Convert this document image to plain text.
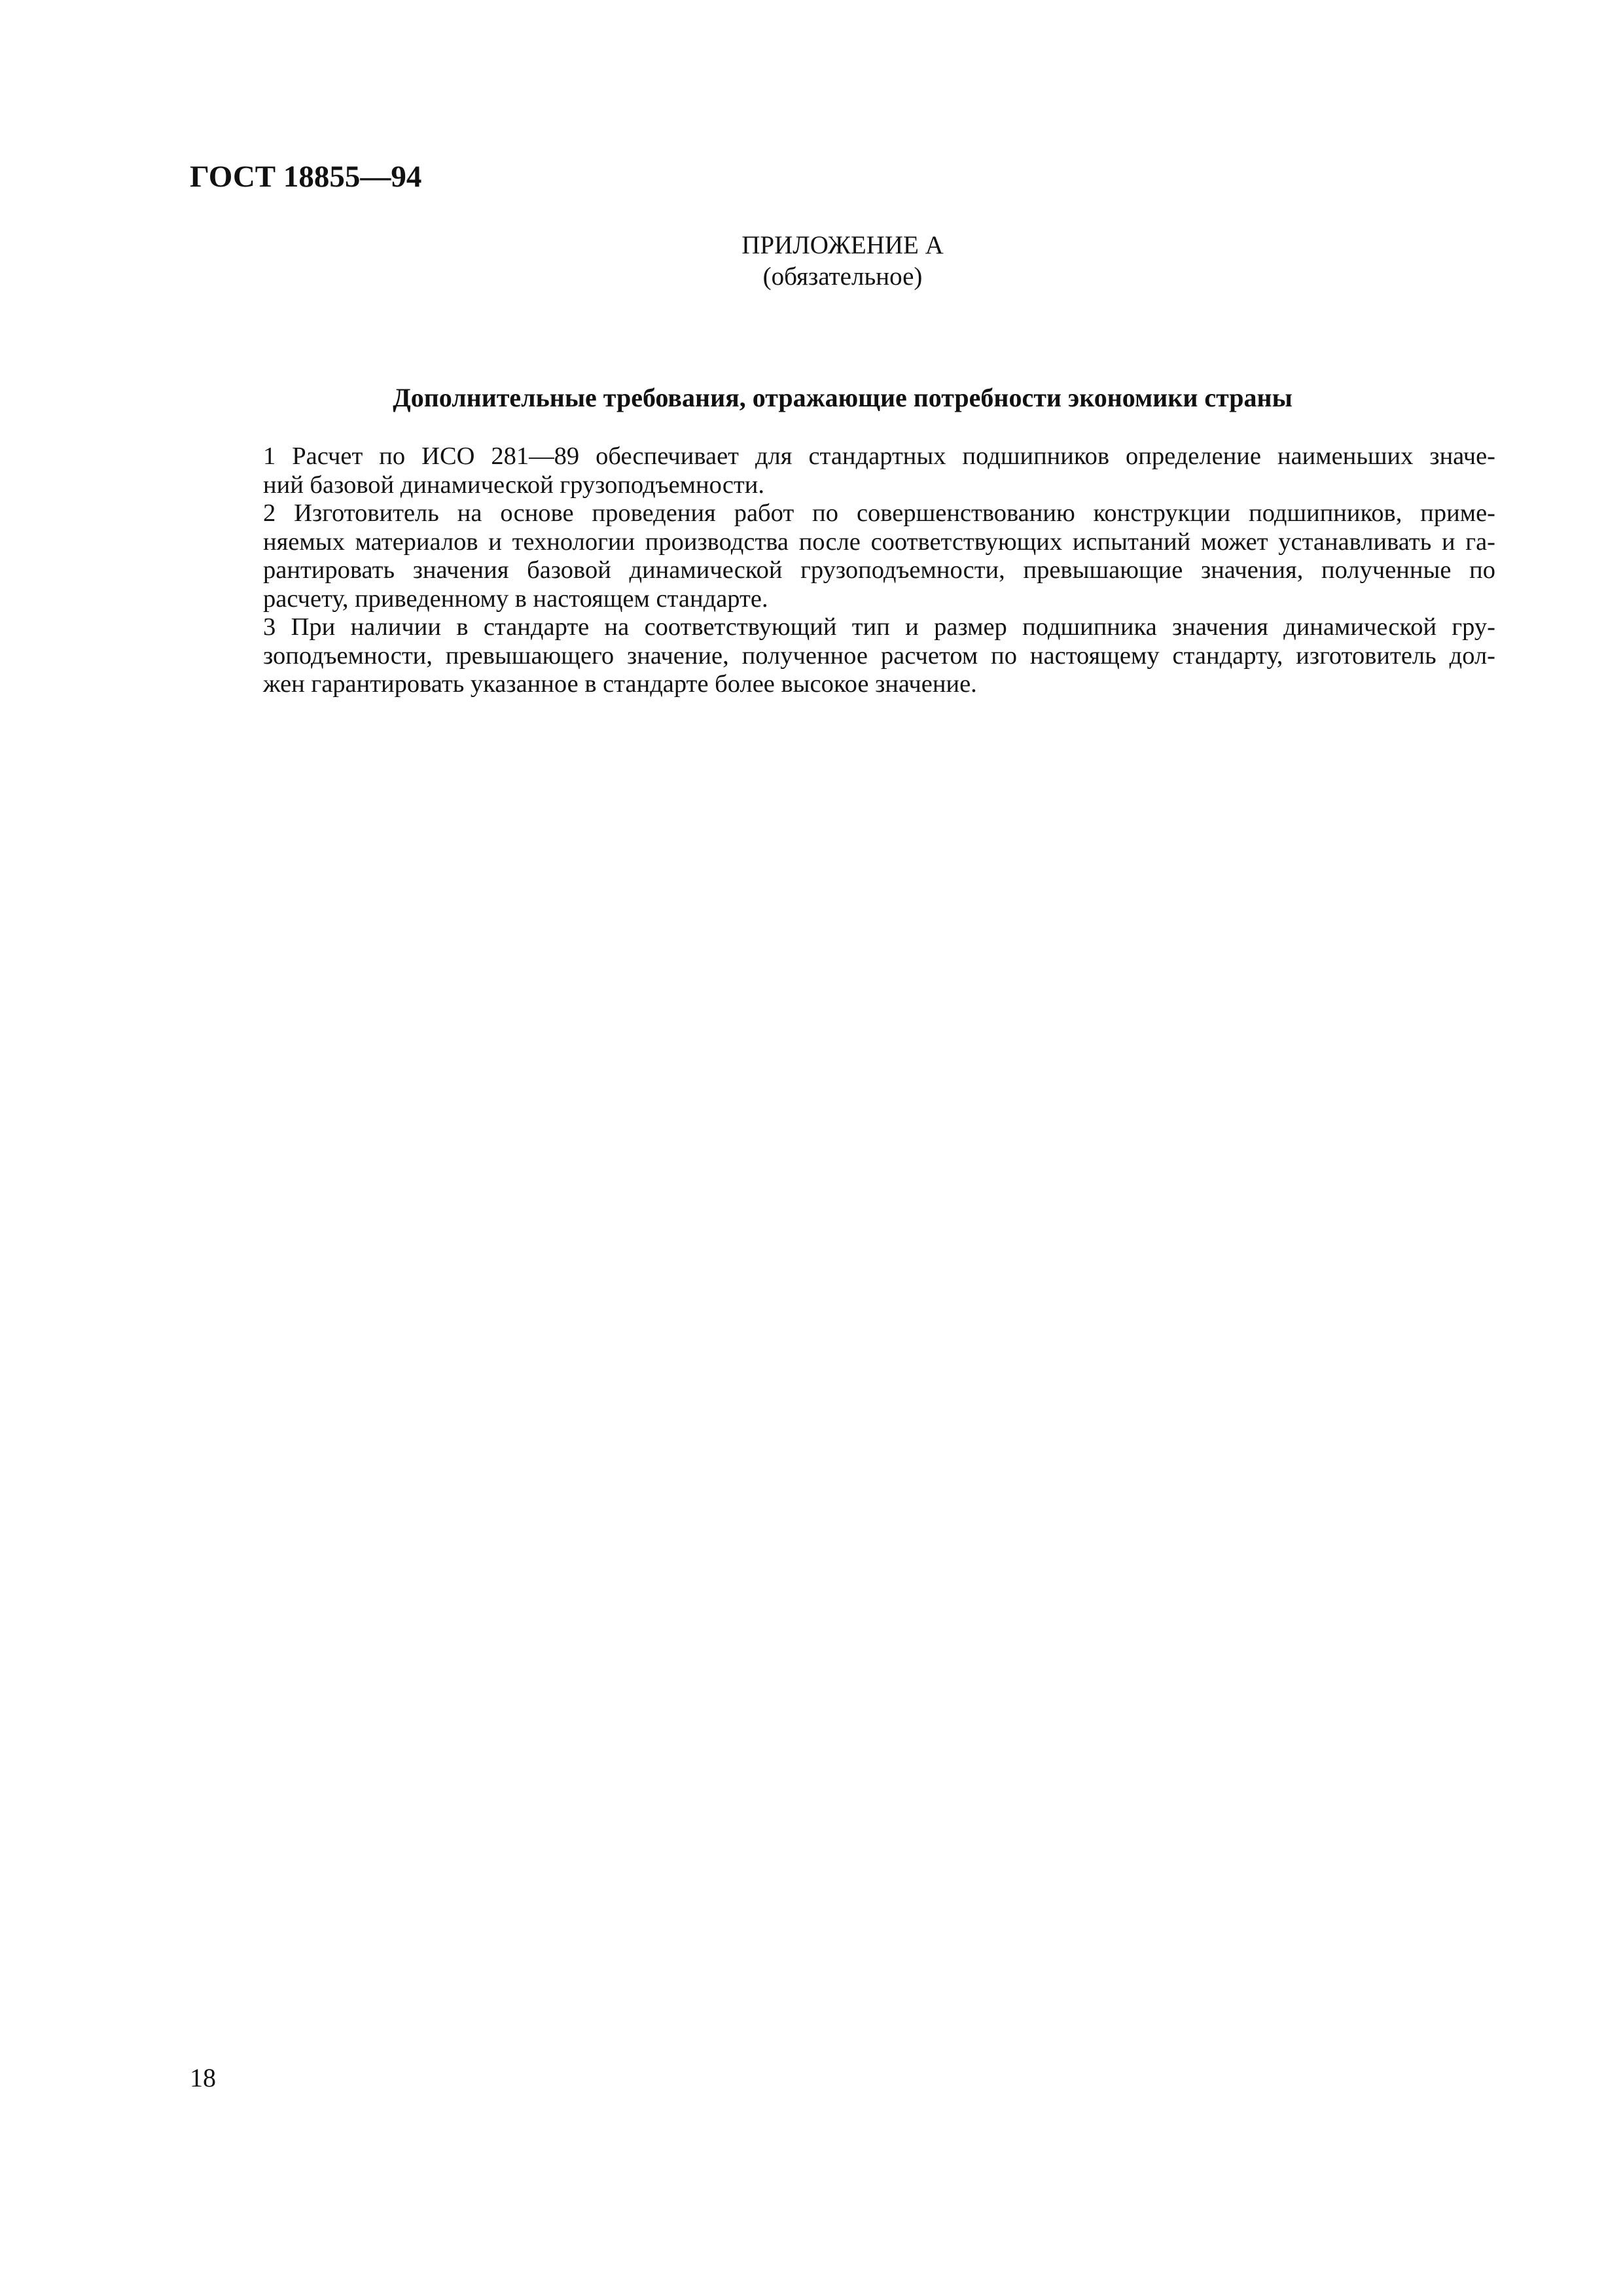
ГОСТ 18855—94
ПРИЛОЖЕНИЕ А
(обязательное)
Дополнительные требования, отражающие потребности экономики страны

1 Расчет по ИСО 281—89 обеспечивает для стандартных подшипников определение наименьших значе-
ний базовой динамической грузоподъемности.

2 Изготовитель на основе проведения работ по совершенствованию конструкции подшипников, приме-
няемых материалов и технологии производства после соответствующих испытаний может устанавливать и га-
рантировать значения базовой динамической грузоподъемности, превышающие значения, полученные по
расчету, приведенному в настоящем стандарте.

3 При наличии в стандарте на соответствующий тип и размер подшипника значения динамической гру-
зоподъемности, превышающего значение, полученное расчетом по настоящему стандарту, изготовитель дол-
жен гарантировать указанное в стандарте более высокое значение.

18
